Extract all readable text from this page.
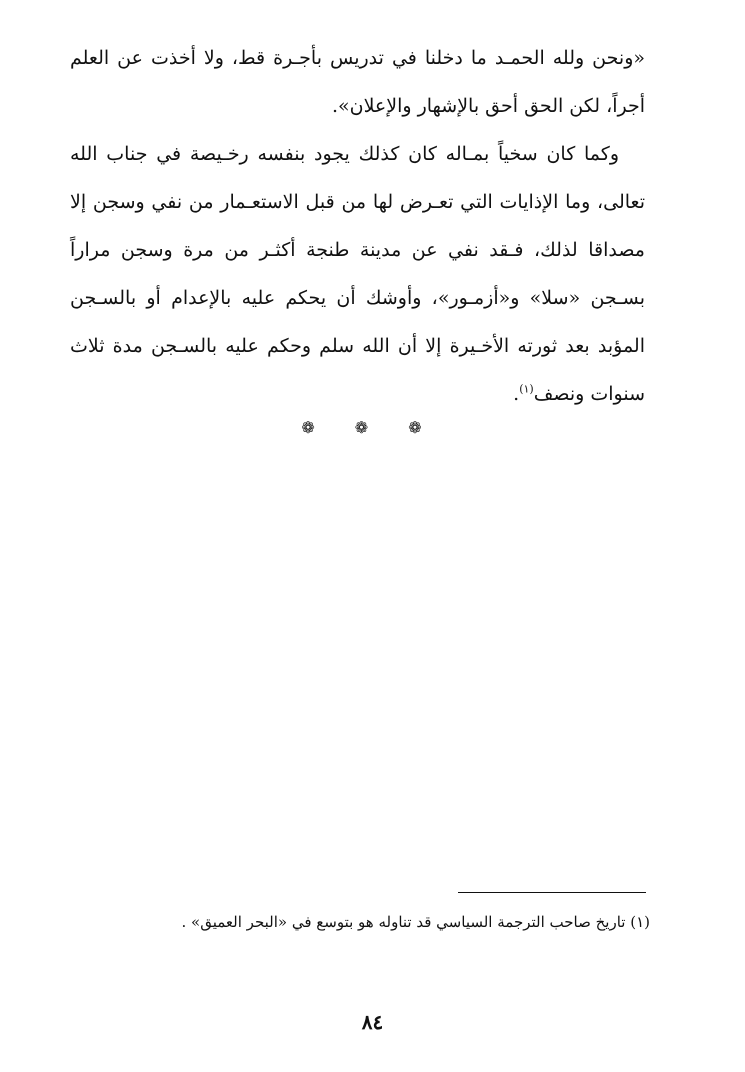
«ونحن ولله الحمـد ما دخلنا في تدريس بأجـرة قط، ولا أخذت عن العلم أجراً، لكن الحق أحق بالإشهار والإعلان».

وكما كان سخياً بمـاله كان كذلك يجود بنفسه رخـيصة في جناب الله تعالى، وما الإذايات التي تعـرض لها من قبل الاستعـمار من نفي وسجن إلا مصداقا لذلك، فـقد نفي عن مدينة طنجة أكثـر من مرة وسجن مراراً بسـجن «سلا» و«أزمـور»، وأوشك أن يحكم عليه بالإعدام أو بالسـجن المؤبد بعد ثورته الأخـيرة إلا أن الله سلم وحكم عليه بالسـجن مدة ثلاث سنوات ونصف$^{(١)}$.

❁ ❁ ❁
(١) تاريخ صاحب الترجمة السياسي قد تناوله هو بتوسع في «البحر العميق» .
٨٤
